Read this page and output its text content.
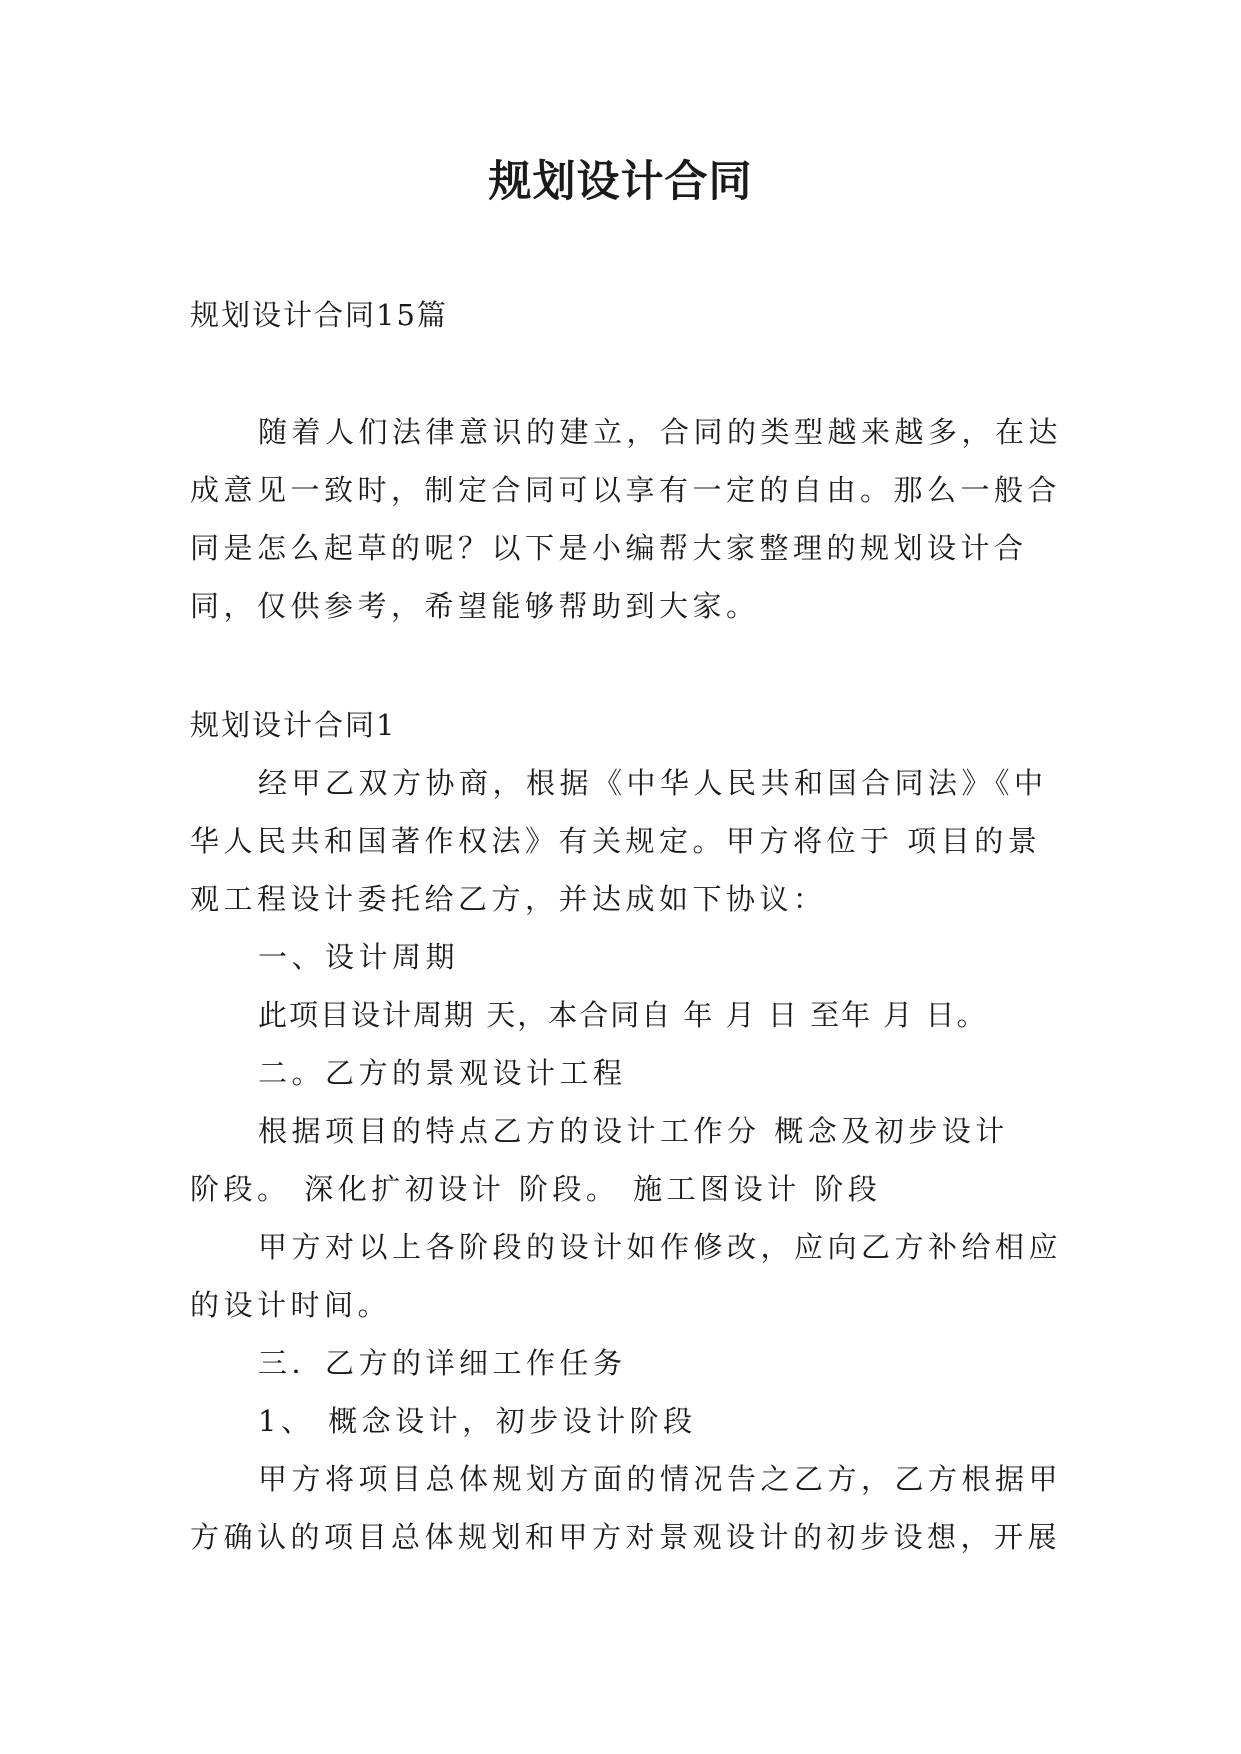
规划设计合同
规划设计合同15篇
随着人们法律意识的建立，合同的类型越来越多，在达
成意见一致时，制定合同可以享有一定的自由。那么一般合
同是怎么起草的呢？以下是小编帮大家整理的规划设计合
同，仅供参考，希望能够帮助到大家。
规划设计合同1
经甲乙双方协商，根据《中华人民共和国合同法》《中
华人民共和国著作权法》有关规定。甲方将位于 项目的景
观工程设计委托给乙方，并达成如下协议：
一、设计周期
此项目设计周期 天，本合同自 年 月 日 至年 月 日。
二。乙方的景观设计工程
根据项目的特点乙方的设计工作分 概念及初步设计
阶段。 深化扩初设计 阶段。 施工图设计 阶段
甲方对以上各阶段的设计如作修改，应向乙方补给相应
的设计时间。
三．乙方的详细工作任务
1、 概念设计，初步设计阶段
甲方将项目总体规划方面的情况告之乙方，乙方根据甲
方确认的项目总体规划和甲方对景观设计的初步设想，开展
